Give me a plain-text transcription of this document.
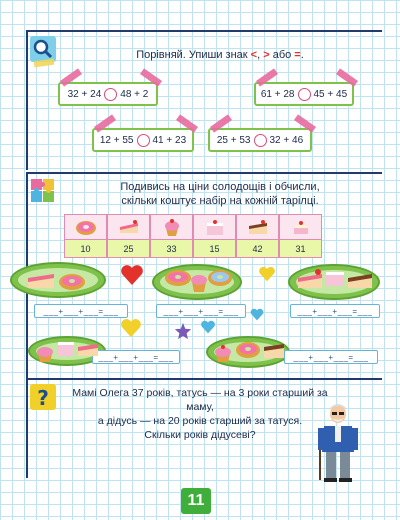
Порівняй. Упиши знак <, > або =.
32 + 24 48 + 2	61 + 28 45 + 45
12 + 55 41 + 23	25 + 53 32 + 46
Подивись на ціни солодощів і обчисли,
скільки коштує набір на кожній тарілці.
10	25	33	15	42	31
___+___+___=___	___+___+___=___	___+___+___=___
___+___+___=___	___+___+___=___
?	Мамі Олега 37 років, татусь — на 3 роки старший за маму,
а дідусь — на 20 років старший за татуся.
Скільки років дідусеві?
11
